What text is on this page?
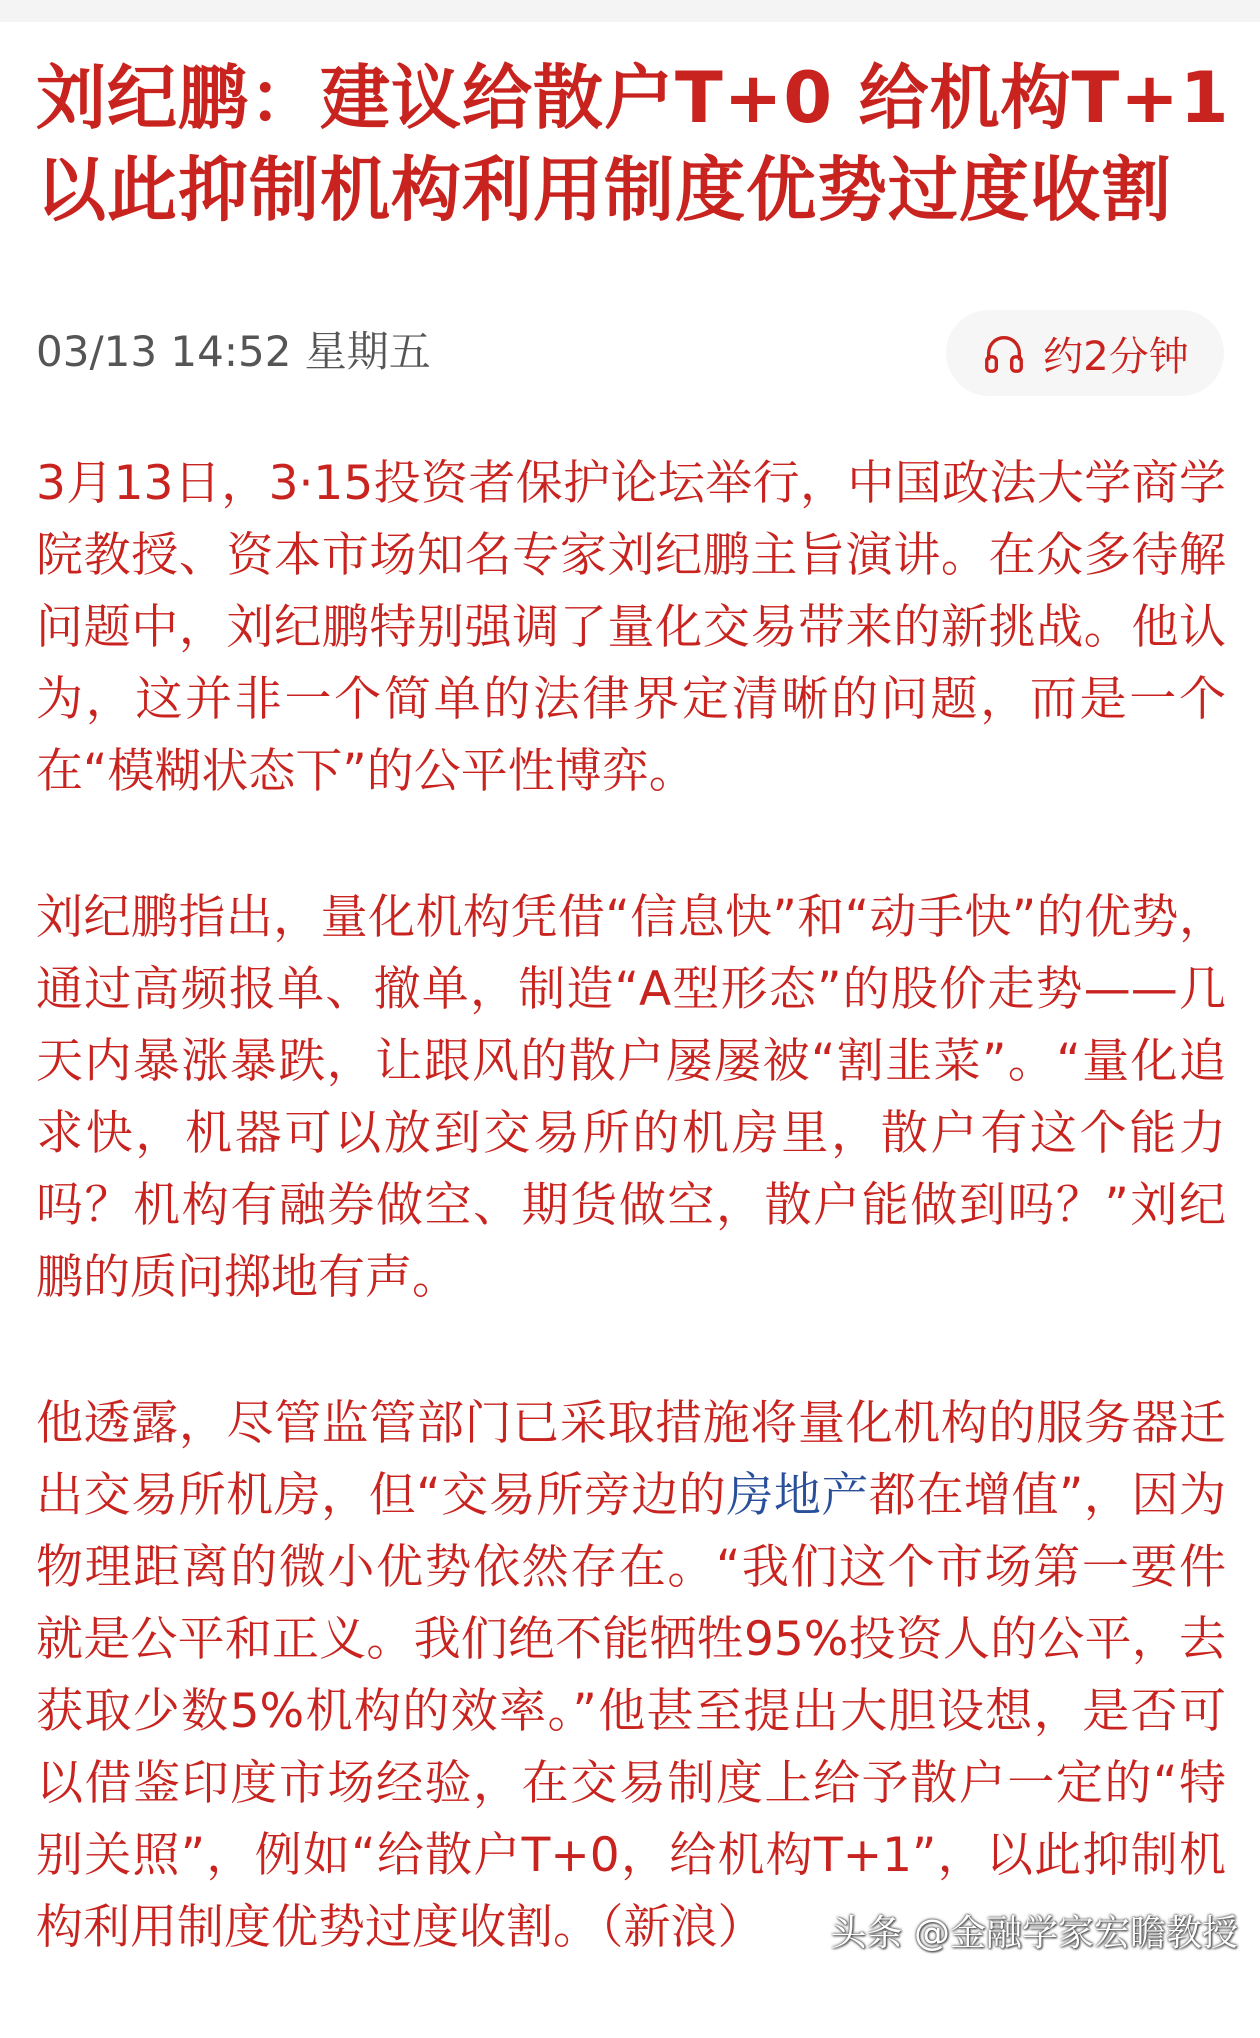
刘纪鹏：建议给散户T+0 给机构T+1 以此抑制机构利用制度优势过度收割
03/13 14:52 星期五	约2分钟

3月13日，3·15投资者保护论坛举行，中国政法大学商学院教授、资本市场知名专家刘纪鹏主旨演讲。在众多待解问题中，刘纪鹏特别强调了量化交易带来的新挑战。他认为，这并非一个简单的法律界定清晰的问题，而是一个在“模糊状态下”的公平性博弈。

刘纪鹏指出，量化机构凭借“信息快”和“动手快”的优势，通过高频报单、撤单，制造“A型形态”的股价走势——几天内暴涨暴跌，让跟风的散户屡屡被“割韭菜”。“量化追求快，机器可以放到交易所的机房里，散户有这个能力吗？机构有融券做空、期货做空，散户能做到吗？”刘纪鹏的质问掷地有声。

他透露，尽管监管部门已采取措施将量化机构的服务器迁出交易所机房，但“交易所旁边的房地产都在增值”，因为物理距离的微小优势依然存在。“我们这个市场第一要件就是公平和正义。我们绝不能牺牲95%投资人的公平，去获取少数5%机构的效率。”他甚至提出大胆设想，是否可以借鉴印度市场经验，在交易制度上给予散户一定的“特别关照”，例如“给散户T+0，给机构T+1”，以此抑制机构利用制度优势过度收割。（新浪）	头条 @金融学家宏瞻教授
